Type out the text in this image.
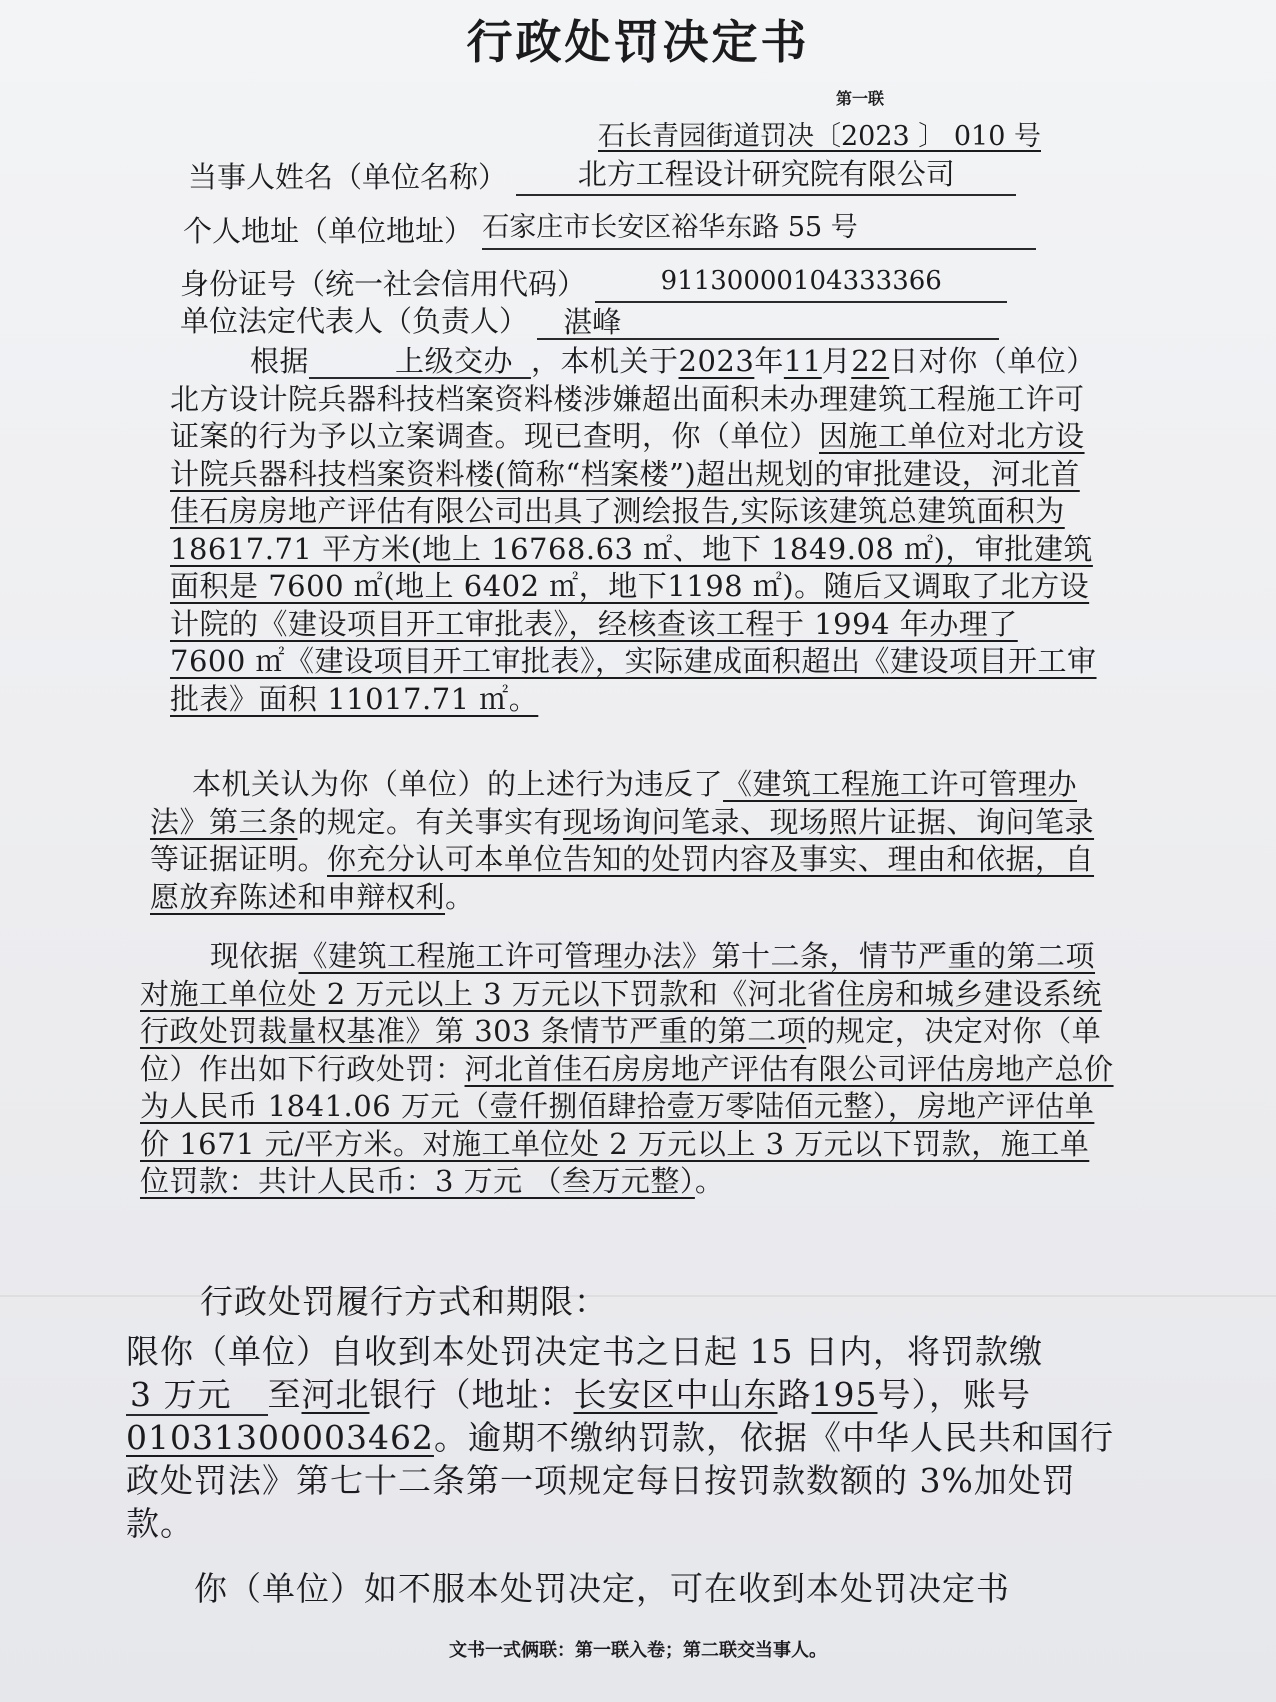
行政处罚决定书
第一联
石长青园街道罚决〔2023 〕 010 号
当事人姓名（单位名称） 北方工程设计研究院有限公司
个人地址（单位地址） 石家庄市长安区裕华东路 55 号
身份证号（统一社会信用代码）	91130000104333366
单位法定代表人（负责人） 湛峰
根据	上级交办 ，本机关于2023年11月22日对你（单位）北方设计院兵器科技档案资料楼涉嫌超出面积未办理建筑工程施工许可证案的行为予以立案调查。现已查明，你（单位）因施工单位对北方设计院兵器科技档案资料楼(简称“档案楼”)超出规划的审批建设，河北首佳石房房地产评估有限公司出具了测绘报告,实际该建筑总建筑面积为 18617.71 平方米(地上 16768.63 ㎡、地下 1849.08 ㎡)，审批建筑面积是 7600 ㎡(地上 6402 ㎡，地下1198 ㎡)。随后又调取了北方设计院的《建设项目开工审批表》，经核查该工程于 1994 年办理了 7600 ㎡《建设项目开工审批表》，实际建成面积超出《建设项目开工审批表》面积 11017.71 ㎡。
本机关认为你（单位）的上述行为违反了《建筑工程施工许可管理办法》第三条的规定。有关事实有现场询问笔录、现场照片证据、询问笔录等证据证明。你充分认可本单位告知的处罚内容及事实、理由和依据，自愿放弃陈述和申辩权利。
现依据《建筑工程施工许可管理办法》第十二条，情节严重的第二项对施工单位处 2 万元以上 3 万元以下罚款和《河北省住房和城乡建设系统行政处罚裁量权基准》第 303 条情节严重的第二项的规定，决定对你（单位）作出如下行政处罚：河北首佳石房房地产评估有限公司评估房地产总价为人民币 1841.06 万元（壹仟捌佰肆拾壹万零陆佰元整），房地产评估单价 1671 元/平方米。对施工单位处 2 万元以上 3 万元以下罚款，施工单位罚款：共计人民币：3 万元 （叁万元整）。
行政处罚履行方式和期限：
限你（单位）自收到本处罚决定书之日起 15 日内，将罚款缴3 万元 至河北银行（地址：长安区中山东路195号），账号01031300003462。逾期不缴纳罚款，依据《中华人民共和国行政处罚法》第七十二条第一项规定每日按罚款数额的 3%加处罚款。
你（单位）如不服本处罚决定，可在收到本处罚决定书
文书一式俩联：第一联入卷；第二联交当事人。
